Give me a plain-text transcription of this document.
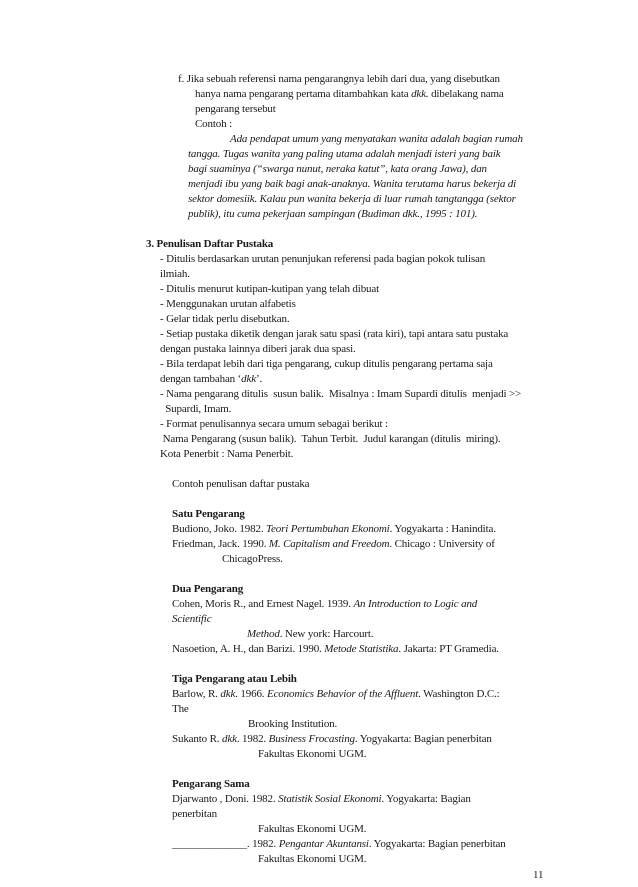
f. Jika sebuah referensi nama pengarangnya lebih dari dua, yang disebutkan
hanya nama pengarang pertama ditambahkan kata dkk. dibelakang nama
pengarang tersebut
Contoh :
Ada pendapat umum yang menyatakan wanita adalah bagian rumah
tangga. Tugas wanita yang paling utama adalah menjadi isteri yang baik
bagi suaminya (“swarga nunut, neraka katut”, kata orang Jawa), dan
menjadi ibu yang baik bagi anak-anaknya. Wanita terutama harus bekerja di
sektor domesiik. Kalau pun wanita bekerja di luar rumah tangtangga (sektor
publik), itu cuma pekerjaan sampingan (Budiman dkk., 1995 : 101).
3. Penulisan Daftar Pustaka
- Ditulis berdasarkan urutan penunjukan referensi pada bagian pokok tulisan
ilmiah.
- Ditulis menurut kutipan-kutipan yang telah dibuat
- Menggunakan urutan alfabetis
- Gelar tidak perlu disebutkan.
- Setiap pustaka diketik dengan jarak satu spasi (rata kiri), tapi antara satu pustaka
dengan pustaka lainnya diberi jarak dua spasi.
- Bila terdapat lebih dari tiga pengarang, cukup ditulis pengarang pertama saja
dengan tambahan ‘dkk’.
- Nama pengarang ditulis  susun balik.  Misalnya : Imam Supardi ditulis  menjadi >>
Supardi, Imam.
- Format penulisannya secara umum sebagai berikut :
Nama Pengarang (susun balik).  Tahun Terbit.  Judul karangan (ditulis  miring).
Kota Penerbit : Nama Penerbit.
Contoh penulisan daftar pustaka
Satu Pengarang
Budiono, Joko. 1982. Teori Pertumbuhan Ekonomi. Yogyakarta : Hanindita.
Friedman, Jack. 1990. M. Capitalism and Freedom. Chicago : University of
ChicagoPress.
Dua Pengarang
Cohen, Moris R., and Ernest Nagel. 1939. An Introduction to Logic and
Scientific
Method. New york: Harcourt.
Nasoetion, A. H., dan Barizi. 1990. Metode Statistika. Jakarta: PT Gramedia.
Tiga Pengarang atau Lebih
Barlow, R. dkk. 1966. Economics Behavior of the Affluent. Washington D.C.:
The
Brooking Institution.
Sukanto R. dkk. 1982. Business Frocasting. Yogyakarta: Bagian penerbitan
Fakultas Ekonomi UGM.
Pengarang Sama
Djarwanto , Doni. 1982. Statistik Sosial Ekonomi. Yogyakarta: Bagian
penerbitan
Fakultas Ekonomi UGM.
______________. 1982. Pengantar Akuntansi. Yogyakarta: Bagian penerbitan
Fakultas Ekonomi UGM.
11
